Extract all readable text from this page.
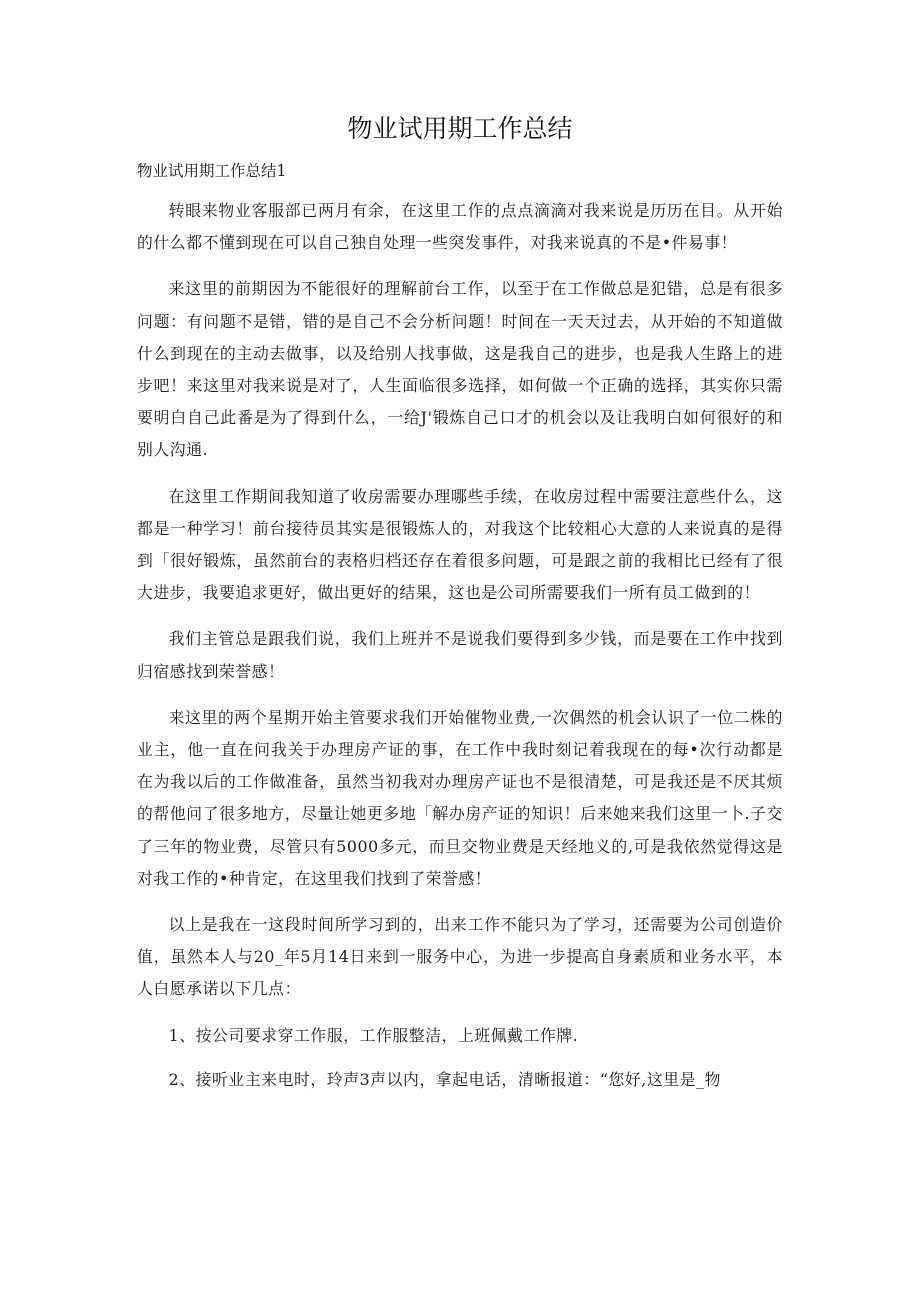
物业试用期工作总结

物业试用期工作总结1

转眼来物业客服部已两月有余，在这里工作的点点滴滴对我来说是历历在目。从开始的什么都不懂到现在可以自己独自处理一些突发事件，对我来说真的不是•件易事！

来这里的前期因为不能很好的理解前台工作，以至于在工作做总是犯错，总是有很多问题：有问题不是错，错的是自己不会分析问题！时间在一天天过去，从开始的不知道做什么到现在的主动去做事，以及给别人找事做，这是我自己的进步，也是我人生路上的进步吧！来这里对我来说是对了，人生面临很多选择，如何做一个正确的选择，其实你只需要明白自己此番是为了得到什么，一给J'锻炼自己口才的机会以及让我明白如何很好的和别人沟通.

在这里工作期间我知道了收房需要办理哪些手续，在收房过程中需要注意些什么，这都是一种学习！前台接待员其实是很锻炼人的，对我这个比较粗心大意的人来说真的是得到「很好锻炼，虽然前台的表格归档还存在着很多问题，可是跟之前的我相比已经有了很大进步，我要追求更好，做出更好的结果，这也是公司所需要我们一所有员工做到的！

我们主管总是跟我们说，我们上班并不是说我们要得到多少钱，而是要在工作中找到归宿感找到荣誉感！

来这里的两个星期开始主管要求我们开始催物业费,一次偶然的机会认识了一位二株的业主，他一直在问我关于办理房产证的事，在工作中我时刻记着我现在的每•次行动都是在为我以后的工作做准备，虽然当初我对办理房产证也不是很清楚，可是我还是不厌其烦的帮他问了很多地方，尽量让她更多地「解办房产证的知识！后来她来我们这里一卜.子交了三年的物业费，尽管只有5000多元，而旦交物业费是天经地义的,可是我依然觉得这是对我工作的•种肯定，在这里我们找到了荣誉感！

以上是我在一这段时间所学习到的，出来工作不能只为了学习，还需要为公司创造价值，虽然本人与20_年5月14日来到一服务中心，为进一步提高自身素质和业务水平，本人白愿承诺以下几点：

1、按公司要求穿工作服，工作服整洁，上班佩戴工作牌.

2、接听业主来电时，玲声3声以内，拿起电话，清晰报道：“您好,这里是_物
